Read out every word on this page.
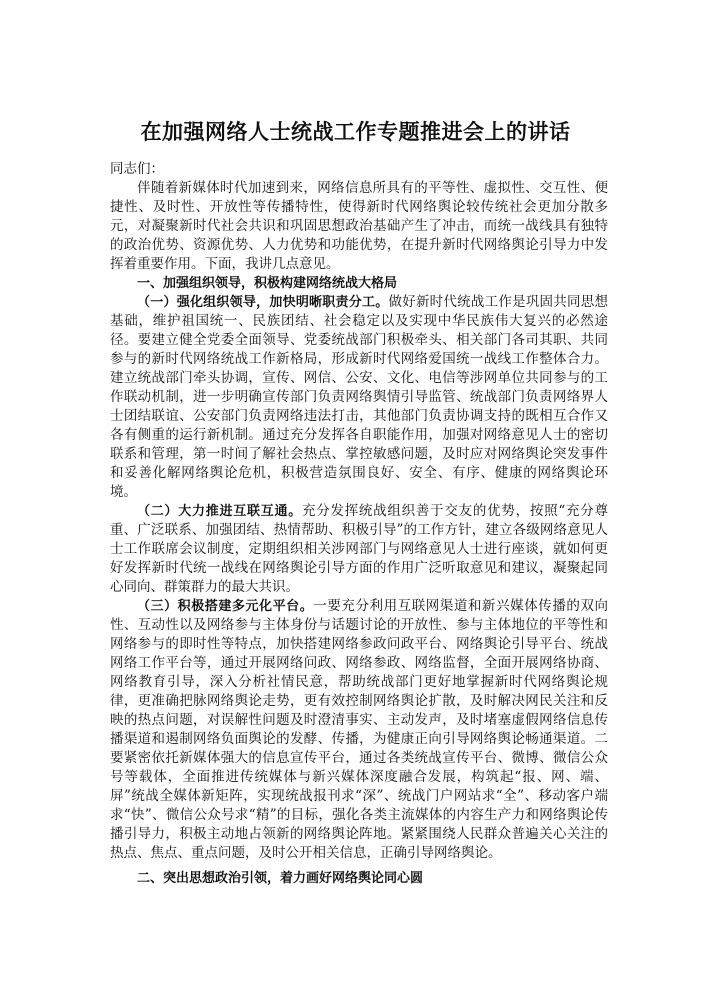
在加强网络人士统战工作专题推进会上的讲话

同志们：

伴随着新媒体时代加速到来，网络信息所具有的平等性、虚拟性、交互性、便捷性、及时性、开放性等传播特性，使得新时代网络舆论较传统社会更加分散多元，对凝聚新时代社会共识和巩固思想政治基础产生了冲击，而统一战线具有独特的政治优势、资源优势、人力优势和功能优势，在提升新时代网络舆论引导力中发挥着重要作用。下面，我讲几点意见。

一、加强组织领导，积极构建网络统战大格局

（一）强化组织领导，加快明晰职责分工。做好新时代统战工作是巩固共同思想基础，维护祖国统一、民族团结、社会稳定以及实现中华民族伟大复兴的必然途径。要建立健全党委全面领导、党委统战部门积极牵头、相关部门各司其职、共同参与的新时代网络统战工作新格局，形成新时代网络爱国统一战线工作整体合力。建立统战部门牵头协调，宣传、网信、公安、文化、电信等涉网单位共同参与的工作联动机制，进一步明确宣传部门负责网络舆情引导监管、统战部门负责网络界人士团结联谊、公安部门负责网络违法打击，其他部门负责协调支持的既相互合作又各有侧重的运行新机制。通过充分发挥各自职能作用，加强对网络意见人士的密切联系和管理，第一时间了解社会热点、掌控敏感问题，及时应对网络舆论突发事件和妥善化解网络舆论危机，积极营造氛围良好、安全、有序、健康的网络舆论环境。

（二）大力推进互联互通。充分发挥统战组织善于交友的优势，按照“充分尊重、广泛联系、加强团结、热情帮助、积极引导”的工作方针，建立各级网络意见人士工作联席会议制度，定期组织相关涉网部门与网络意见人士进行座谈，就如何更好发挥新时代统一战线在网络舆论引导方面的作用广泛听取意见和建议，凝聚起同心同向、群策群力的最大共识。

（三）积极搭建多元化平台。一要充分利用互联网渠道和新兴媒体传播的双向性、互动性以及网络参与主体身份与话题讨论的开放性、参与主体地位的平等性和网络参与的即时性等特点，加快搭建网络参政问政平台、网络舆论引导平台、统战网络工作平台等，通过开展网络问政、网络参政、网络监督，全面开展网络协商、网络教育引导，深入分析社情民意，帮助统战部门更好地掌握新时代网络舆论规律，更准确把脉网络舆论走势，更有效控制网络舆论扩散，及时解决网民关注和反映的热点问题，对误解性问题及时澄清事实、主动发声，及时堵塞虚假网络信息传播渠道和遏制网络负面舆论的发酵、传播，为健康正向引导网络舆论畅通渠道。二要紧密依托新媒体强大的信息宣传平台，通过各类统战宣传平台、微博、微信公众号等载体，全面推进传统媒体与新兴媒体深度融合发展，构筑起“报、网、端、屏”统战全媒体新矩阵，实现统战报刊求“深”、统战门户网站求“全”、移动客户端求“快”、微信公众号求“精”的目标，强化各类主流媒体的内容生产力和网络舆论传播引导力，积极主动地占领新的网络舆论阵地。紧紧围绕人民群众普遍关心关注的热点、焦点、重点问题，及时公开相关信息，正确引导网络舆论。

二、突出思想政治引领，着力画好网络舆论同心圆
